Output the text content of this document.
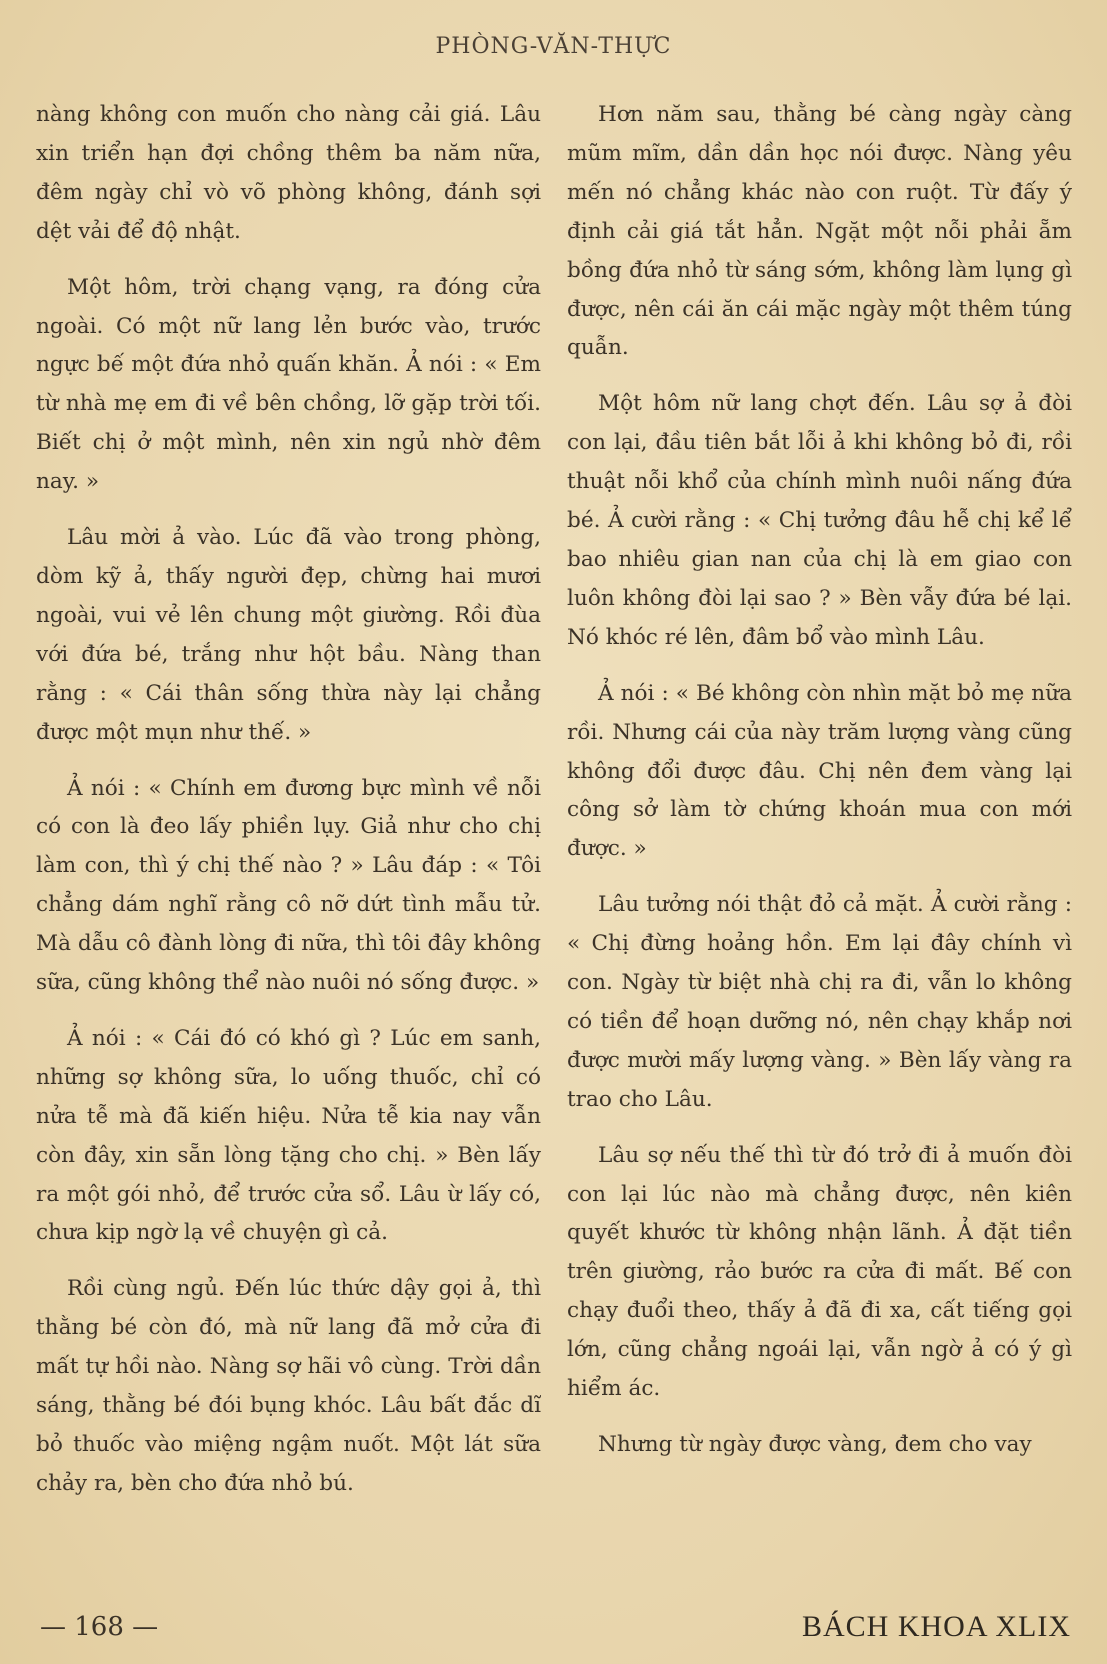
PHÒNG-VĂN-THỰC

nàng không con muốn cho nàng cải giá. Lâu xin triển hạn đợi chồng thêm ba năm nữa, đêm ngày chỉ vò võ phòng không, đánh sợi dệt vải để độ nhật.

Một hôm, trời chạng vạng, ra đóng cửa ngoài. Có một nữ lang lẻn bước vào, trước ngực bế một đứa nhỏ quấn khăn. Ả nói : « Em từ nhà mẹ em đi về bên chồng, lỡ gặp trời tối. Biết chị ở một mình, nên xin ngủ nhờ đêm nay. »

Lâu mời ả vào. Lúc đã vào trong phòng, dòm kỹ ả, thấy người đẹp, chừng hai mươi ngoài, vui vẻ lên chung một giường. Rồi đùa với đứa bé, trắng như hột bầu. Nàng than rằng : « Cái thân sống thừa này lại chẳng được một mụn như thế. »

Ả nói : « Chính em đương bực mình về nỗi có con là đeo lấy phiền lụy. Giả như cho chị làm con, thì ý chị thế nào ? » Lâu đáp : « Tôi chẳng dám nghĩ rằng cô nỡ dứt tình mẫu tử. Mà dẫu cô đành lòng đi nữa, thì tôi đây không sữa, cũng không thể nào nuôi nó sống được. »

Ả nói : « Cái đó có khó gì ? Lúc em sanh, những sợ không sữa, lo uống thuốc, chỉ có nửa tễ mà đã kiến hiệu. Nửa tễ kia nay vẫn còn đây, xin sẵn lòng tặng cho chị. » Bèn lấy ra một gói nhỏ, để trước cửa sổ. Lâu ừ lấy có, chưa kịp ngờ lạ về chuyện gì cả.

Rồi cùng ngủ. Đến lúc thức dậy gọi ả, thì thằng bé còn đó, mà nữ lang đã mở cửa đi mất tự hồi nào. Nàng sợ hãi vô cùng. Trời dần sáng, thằng bé đói bụng khóc. Lâu bất đắc dĩ bỏ thuốc vào miệng ngậm nuốt. Một lát sữa chảy ra, bèn cho đứa nhỏ bú.

Hơn năm sau, thằng bé càng ngày càng mũm mĩm, dần dần học nói được. Nàng yêu mến nó chẳng khác nào con ruột. Từ đấy ý định cải giá tắt hẳn. Ngặt một nỗi phải ẵm bồng đứa nhỏ từ sáng sớm, không làm lụng gì được, nên cái ăn cái mặc ngày một thêm túng quẫn.

Một hôm nữ lang chợt đến. Lâu sợ ả đòi con lại, đầu tiên bắt lỗi ả khi không bỏ đi, rồi thuật nỗi khổ của chính mình nuôi nấng đứa bé. Ả cười rằng : « Chị tưởng đâu hễ chị kể lể bao nhiêu gian nan của chị là em giao con luôn không đòi lại sao ? » Bèn vẫy đứa bé lại. Nó khóc ré lên, đâm bổ vào mình Lâu.

Ả nói : « Bé không còn nhìn mặt bỏ mẹ nữa rồi. Nhưng cái của này trăm lượng vàng cũng không đổi được đâu. Chị nên đem vàng lại công sở làm tờ chứng khoán mua con mới được. »

Lâu tưởng nói thật đỏ cả mặt. Ả cười rằng : « Chị đừng hoảng hồn. Em lại đây chính vì con. Ngày từ biệt nhà chị ra đi, vẫn lo không có tiền để hoạn dưỡng nó, nên chạy khắp nơi được mười mấy lượng vàng. » Bèn lấy vàng ra trao cho Lâu.

Lâu sợ nếu thế thì từ đó trở đi ả muốn đòi con lại lúc nào mà chẳng được, nên kiên quyết khước từ không nhận lãnh. Ả đặt tiền trên giường, rảo bước ra cửa đi mất. Bế con chạy đuổi theo, thấy ả đã đi xa, cất tiếng gọi lớn, cũng chẳng ngoái lại, vẫn ngờ ả có ý gì hiểm ác.

Nhưng từ ngày được vàng, đem cho vay

— 168 —	BÁCH KHOA XLIX
